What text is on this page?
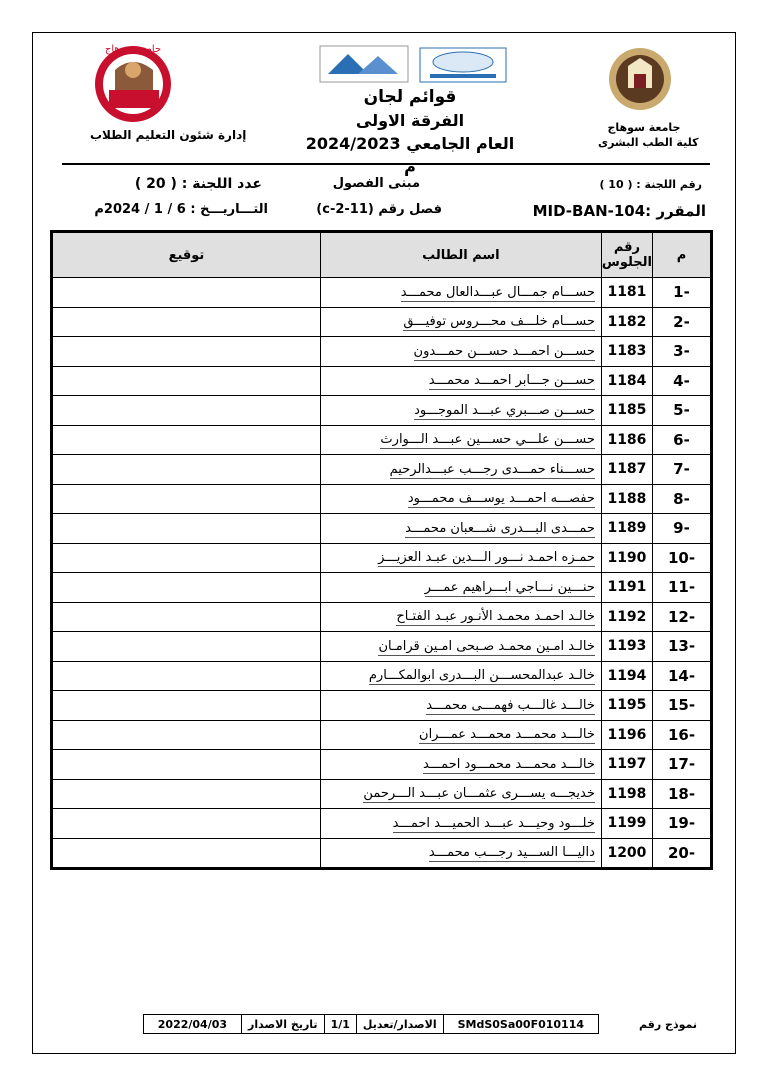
جامعة سوهاج
إدارة شئون التعليم الطلاب
جامعة سوهاج
كلية الطب البشرى
قوائم لجان
الفرقة الاولى
العام الجامعي 2024/2023 م
رقم اللجنة : ( 10 )
مبنى الفصول
عدد اللجنة : ( 20 )
المقرر :MID-BAN-104
فصل رقم (c-2-11)
التـــاريـــخ : 6 / 1 / 2024م
م	رقم
الجلوس	اسم الطالب	توقيع
-1	1181	حســـام جمـــال عبـــدالعال محمـــد	
-2	1182	حســـام خلـــف محـــروس توفيـــق	
-3	1183	حســـن احمـــد حســـن حمـــدون	
-4	1184	حســـن جـــابر احمـــد محمـــد	
-5	1185	حســـن صـــبري عبـــد الموجـــود	
-6	1186	حســـن علـــي حســـين عبـــد الـــوارث	
-7	1187	حســـناء حمـــدى رجـــب عبـــدالرحيم	
-8	1188	حفصـــه احمـــد يوســـف محمـــود	
-9	1189	حمـــدى البـــدرى شـــعبان محمـــد	
-10	1190	حمـزه احمـد نـــور الـــدين عبـد العزيـــز	
-11	1191	حنـــين نـــاجي ابـــراهيم عمـــر	
-12	1192	خالـد احمـد محمـد الأنـور عبـد الفتـاح	
-13	1193	خالـد امـين محمـد صـبحى امـين قرامـان	
-14	1194	خالـد عبدالمحســـن البـــدرى ابوالمكـــارم	
-15	1195	خالـــد غالـــب فهمـــى محمـــد	
-16	1196	خالـــد محمـــد محمـــد عمـــران	
-17	1197	خالـــد محمـــد محمـــود احمـــد	
-18	1198	خديجـــه يســـرى عثمـــان عبـــد الـــرحمن	
-19	1199	خلـــود وحيـــد عبـــد الحميـــد احمـــد	
-20	1200	داليـــا الســـيد رجـــب محمـــد	
نموذج رقم	SMdS0Sa00F010114	الاصدار/تعديل	1/1	تاريخ الاصدار	2022/04/03
